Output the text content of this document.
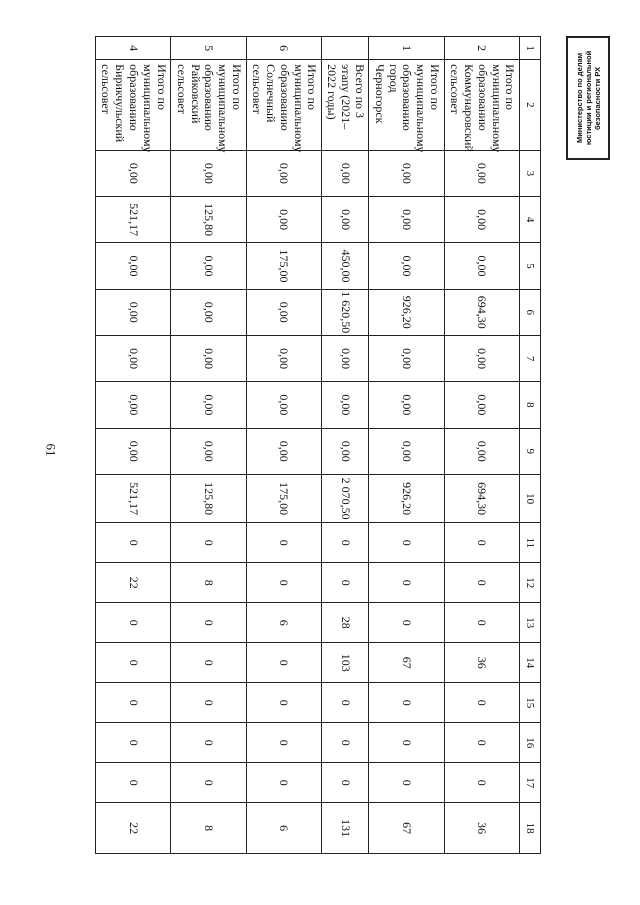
61
1	2	3	4	5	6	7	8	9	10	11	12	13	14	15	16	17	18
2	Итого по муниципальному образованию Коммунаровский сельсовет	0,00	0,00	0,00	694,30	0,00	0,00	0,00	694,30	0	0	0	36	0	0	0	36
1	Итого по муниципальному образованию город Черногорск	0,00	0,00	0,00	926,20	0,00	0,00	0,00	926,20	0	0	0	67	0	0	0	67
	Всего по 3 этапу (2021–2022 годы)	0,00	0,00	450,00	1 620,50	0,00	0,00	0,00	2 070,50	0	0	28	103	0	0	0	131
6	Итого по муниципальному образованию Солнечный сельсовет	0,00	0,00	175,00	0,00	0,00	0,00	0,00	175,00	0	0	6	0	0	0	0	6
5	Итого по муниципальному образованию Райковский сельсовет	0,00	125,80	0,00	0,00	0,00	0,00	0,00	125,80	0	8	0	0	0	0	0	8
4	Итого по муниципальному образованию Бирикчульский сельсовет	0,00	521,17	0,00	0,00	0,00	0,00	0,00	521,17	0	22	0	0	0	0	0	22
Министерство по делам юстиции и региональной безопасности РХ
